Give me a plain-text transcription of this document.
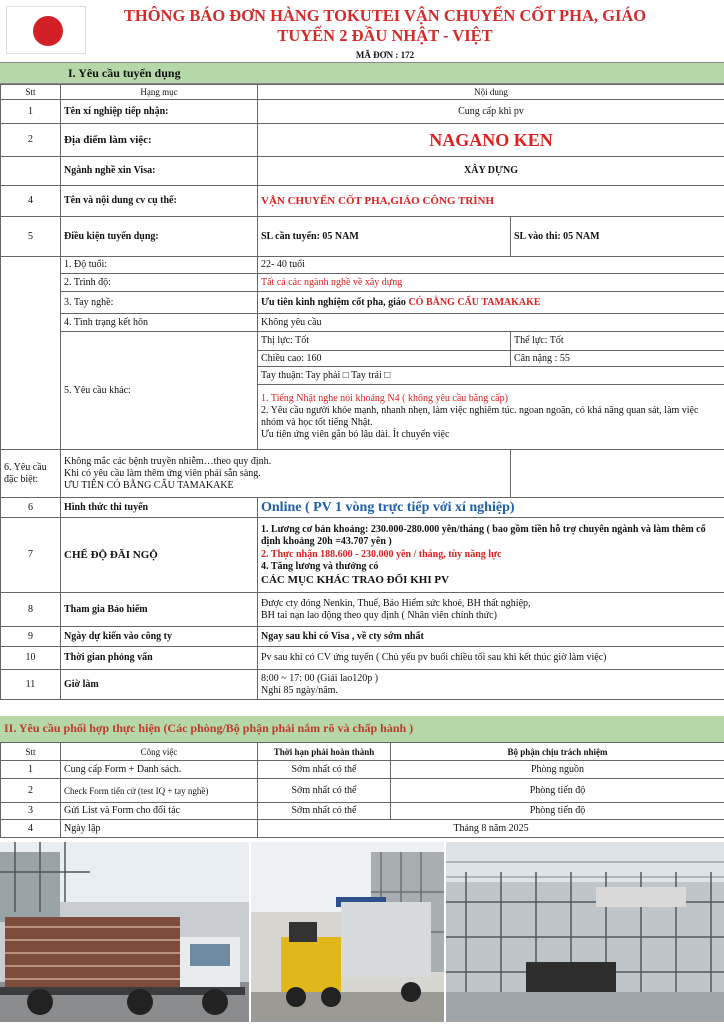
THÔNG BÁO ĐƠN HÀNG TOKUTEI VẬN CHUYỂN CỐT PHA, GIÁO
TUYẾN 2 ĐẦU NHẬT - VIỆT
MÃ ĐƠN : 172
I. Yêu cầu tuyển dụng
Stt	Hạng mục	Nội dung	
1	Tên xí nghiệp tiếp nhận:	Cung cấp khi pv	
2	Địa điểm làm việc:	NAGANO KEN	
	Ngành nghề xin Visa:	XÂY DỰNG	
4	Tên và nội dung cv cụ thể:	VẬN CHUYỂN CỐT PHA,GIÁO CÔNG TRÌNH	
5	Điều kiện tuyển dụng:	SL cần tuyển: 05 NAM	SL vào thi: 05 NAM
	1. Độ tuổi:	22- 40 tuổi	
	2. Trình độ:	Tất cả các ngành nghề về xây dựng	
	3. Tay nghề:	Ưu tiên kinh nghiệm cốt pha, giáo CÓ BẰNG CẨU TAMAKAKE	
	4. Tình trạng kết hôn	Không yêu cầu	
	5. Yêu cầu khác:	Thị lực: Tốt	Thể lực: Tốt
		Chiều cao: 160	Cân nặng : 55
		Tay thuận: Tay phải □ Tay trái □	

		1. Tiếng Nhật nghe nói khoảng N4 ( không yêu cầu bằng cấp)
2. Yêu cầu người khỏe mạnh, nhanh nhẹn, làm việc nghiêm túc. ngoan ngoãn, có khả năng quan sát, làm việc nhóm và học tốt tiếng Nhật.
Ưu tiên ứng viên gắn bó lâu dài. Ít chuyển việc	

6. Yêu cầu đặc biệt:	Không mắc các bệnh truyền nhiễm…theo quy định.
Khi có yêu cầu làm thêm ứng viên phải sẵn sàng.
ƯU TIÊN CÓ BẰNG CẨU TAMAKAKE		

6	Hình thức thi tuyển	Online ( PV 1 vòng trực tiếp với xí nghiệp)	
7	CHẾ ĐỘ ĐÃI NGỘ	1. Lương cơ bản khoảng: 230.000-280.000 yên/tháng ( bao gồm tiền hỗ trợ chuyên ngành và làm thêm cố định khoảng 20h =43.707 yên )
2. Thực nhận 188.600 - 230.000 yên / tháng, tùy năng lực
4. Tăng lương và thưởng có
CÁC MỤC KHÁC TRAO ĐỔI KHI PV	

8	Tham gia Bảo hiểm	Được cty đóng Nenkin, Thuế, Bảo Hiểm sức khoẻ, BH thất nghiệp,
BH tai nạn lao động theo quy định ( Nhân viên chính thức)	

9	Ngày dự kiến vào công ty	Ngay sau khi có Visa , về cty sớm nhất	
10	Thời gian phỏng vấn	Pv sau khi có CV ứng tuyển ( Chủ yếu pv buổi chiều tối sau khi kết thúc giờ làm việc)	
11	Giờ làm	8:00 ~ 17: 00 (Giải lao120p )
Nghỉ 85 ngày/năm.	
II. Yêu cầu phối hợp thực hiện (Các phòng/Bộ phận phải nắm rõ và chấp hành )
Stt	Công việc	Thời hạn phải hoàn thành	Bộ phận chịu trách nhiệm
1	Cung cấp Form + Danh sách.	Sớm nhất có thể	Phòng nguồn
2	Check Form tiến cử (test IQ + tay nghề)	Sớm nhất có thể	Phòng tiến độ
3	Gửi List và Form cho đối tác	Sớm nhất có thể	Phòng tiến độ
4	Ngày lập	Tháng 8 năm 2025	
